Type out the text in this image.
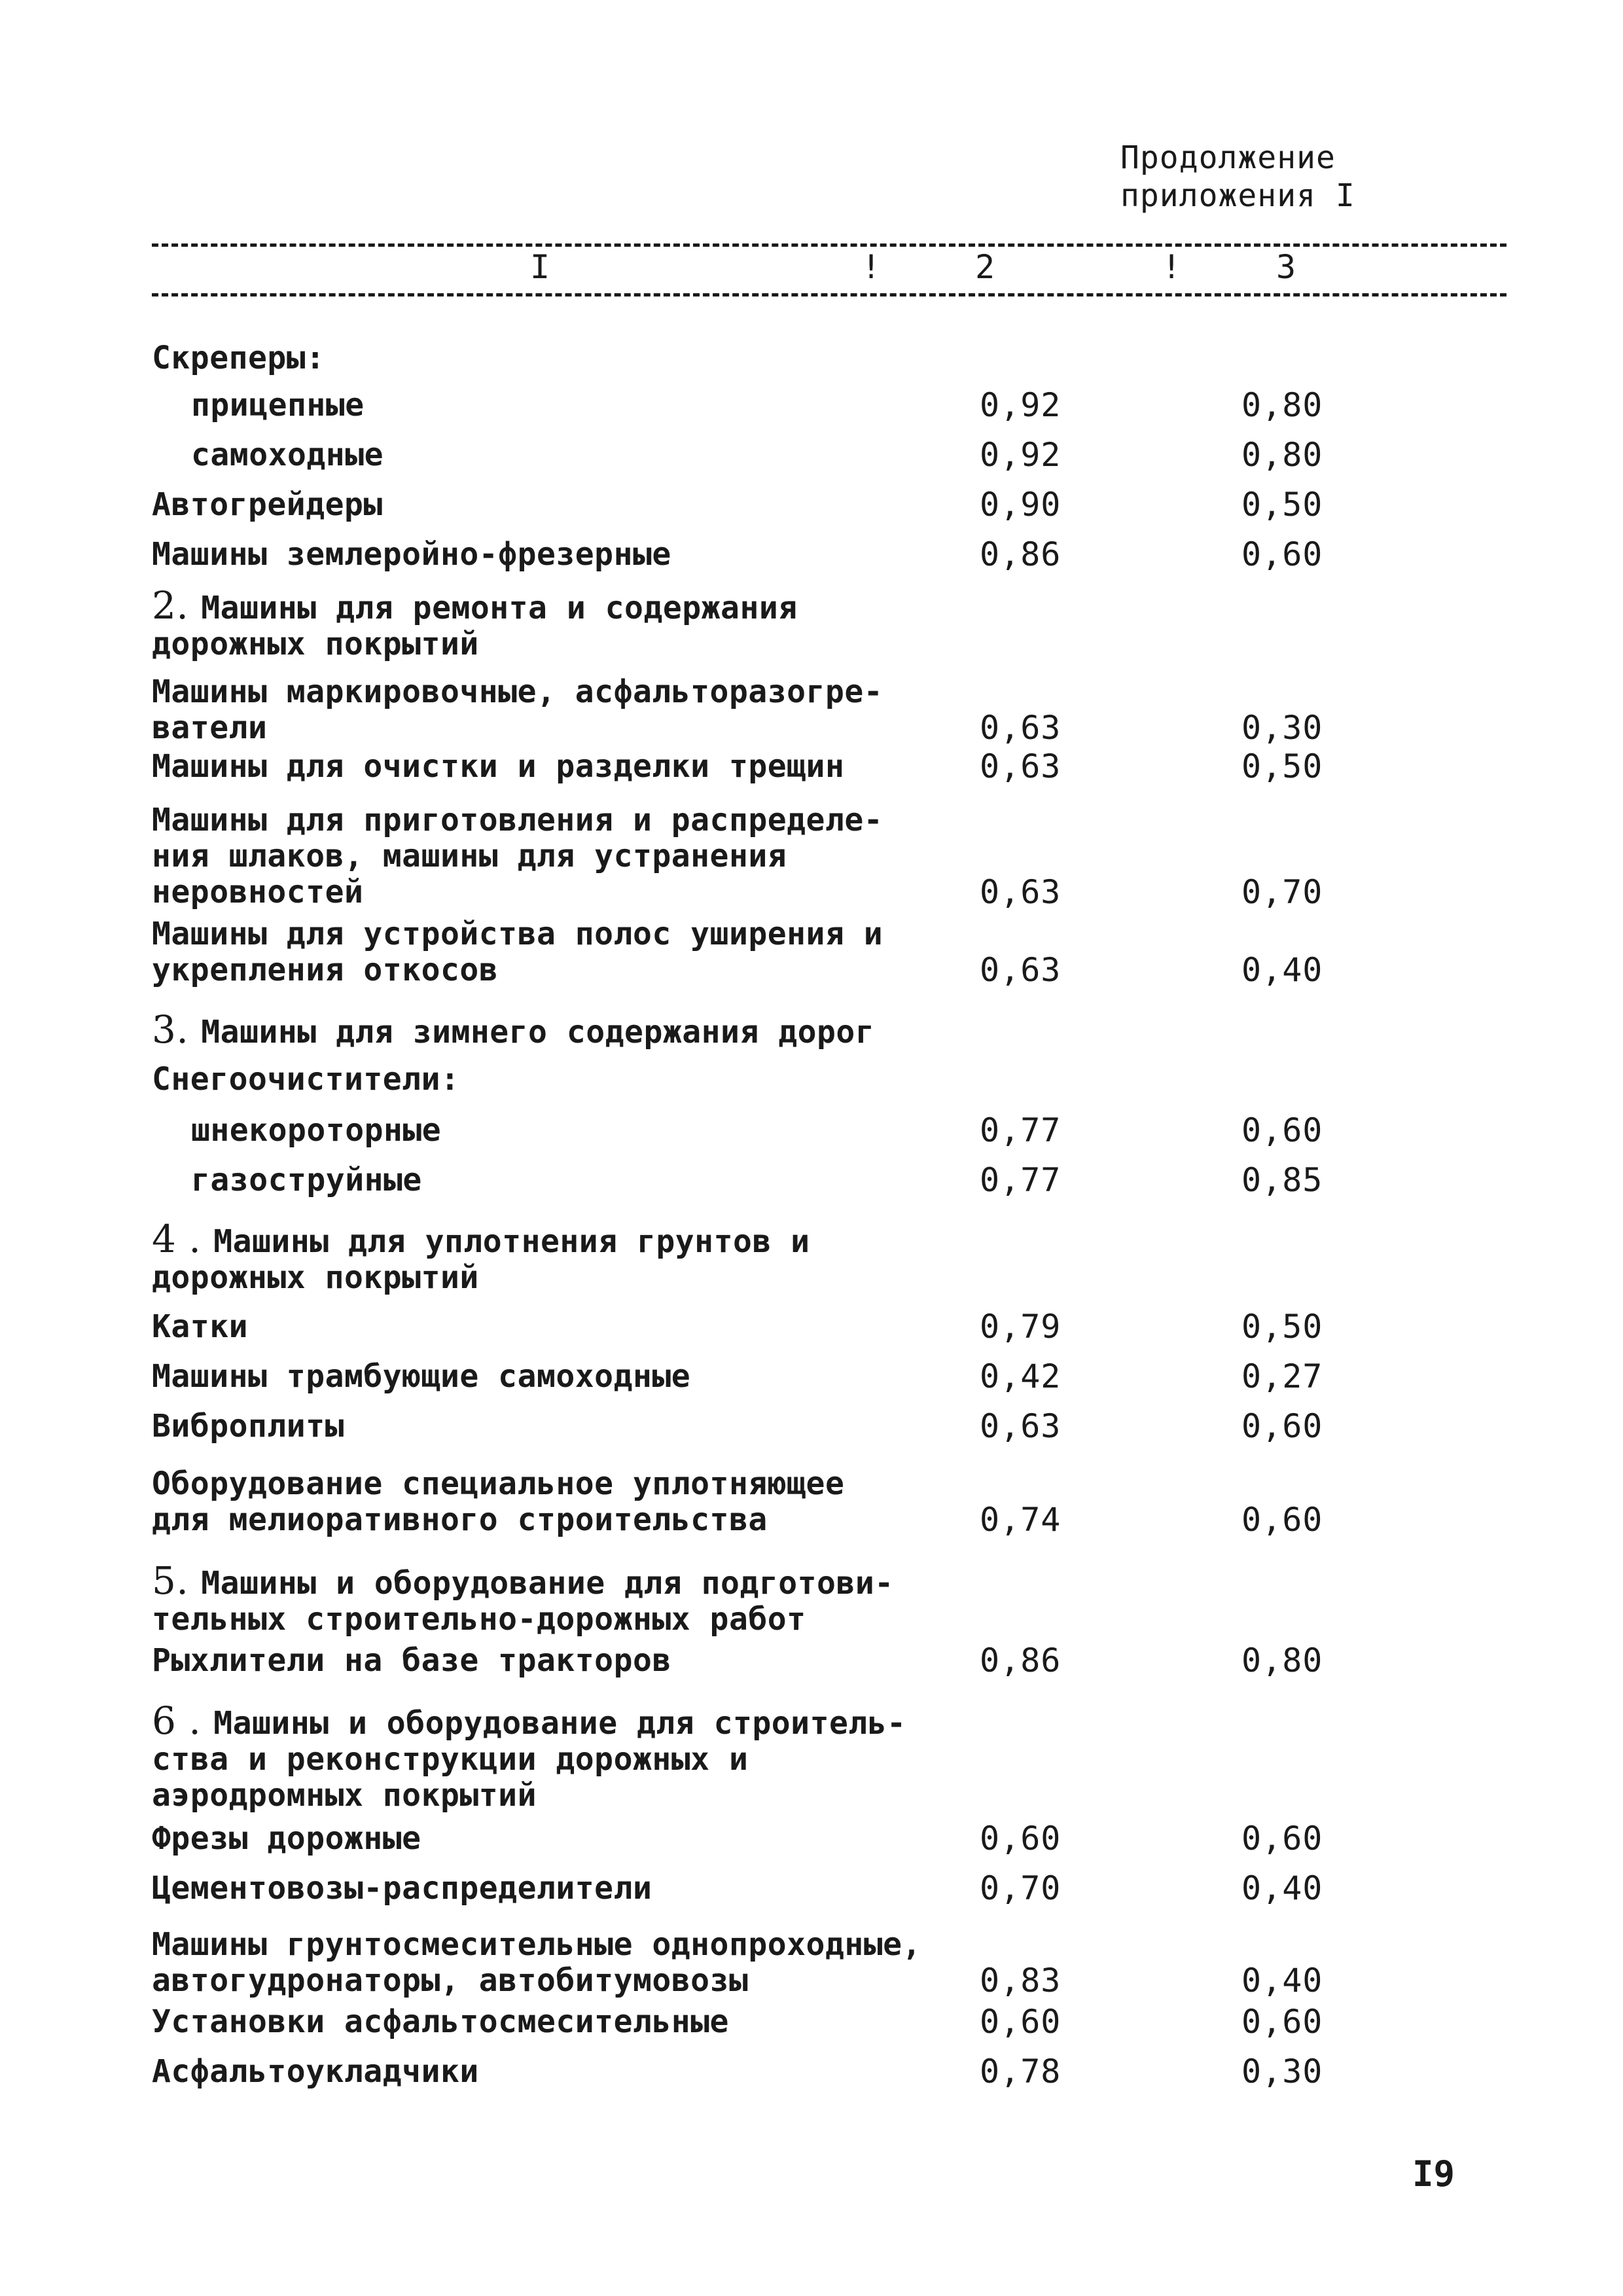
Продолжение
приложения I
I	!	2	!	3
Скреперы:
прицепные	0,92	0,80
самоходные	0,92	0,80
Автогрейдеры	0,90	0,50
Машины землеройно-фрезерные	0,86	0,60
2. Машины для ремонта и содержания
дорожных покрытий
Машины маркировочные, асфальторазогре-
ватели	0,63	0,30
Машины для очистки и разделки трещин	0,63	0,50
Машины для приготовления и распределе-
ния шлаков, машины для устранения
неровностей	0,63	0,70
Машины для устройства полос уширения и
укрепления откосов	0,63	0,40
3. Машины для зимнего содержания дорог
Снегоочистители:
шнекороторные	0,77	0,60
газоструйные	0,77	0,85
4 . Машины для уплотнения грунтов и
дорожных покрытий
Катки	0,79	0,50
Машины трамбующие самоходные	0,42	0,27
Виброплиты	0,63	0,60
Оборудование специальное уплотняющее
для мелиоративного строительства	0,74	0,60
5. Машины и оборудование для подготови-
тельных строительно-дорожных работ
Рыхлители на базе тракторов	0,86	0,80
6 . Машины и оборудование для строитель-
ства и реконструкции дорожных и
аэродромных покрытий
Фрезы дорожные	0,60	0,60
Цементовозы-распределители	0,70	0,40
Машины грунтосмесительные однопроходные,
автогудронаторы, автобитумовозы	0,83	0,40
Установки асфальтосмесительные	0,60	0,60
Асфальтоукладчики	0,78	0,30
I9
